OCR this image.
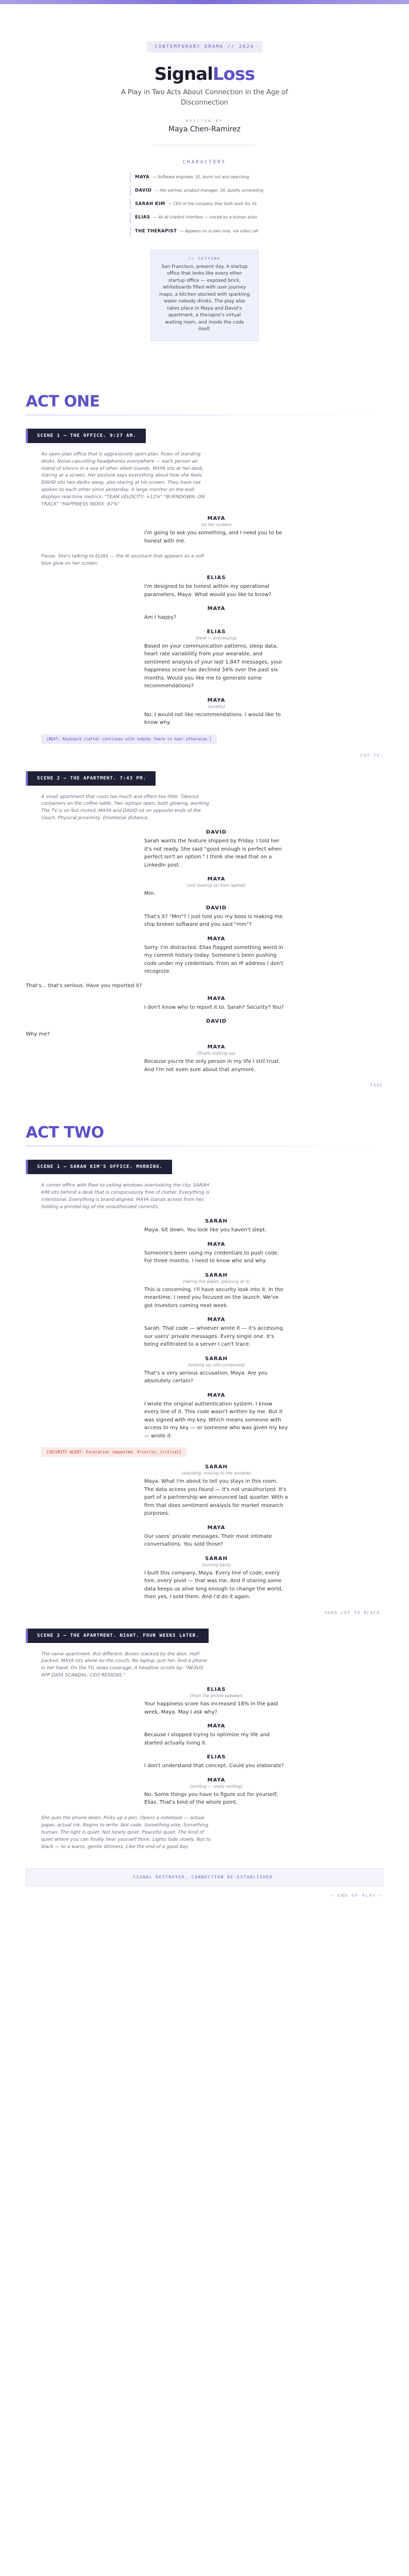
CONTEMPORARY DRAMA // 2024
SignalLoss
A Play in Two Acts About Connection in the Age of Disconnection
WRITTEN BY
Maya Chen-Ramirez
CHARACTERS
MAYA — Software engineer, 32, burnt out and searching
DAVID — Her partner, product manager, 34, quietly unravelling
SARAH KIM — CEO of the company they both work for, 41
ELIAS — An AI chatbot interface — voiced by a human actor
THE THERAPIST — Appears on screen only, via video call
// SETTING
San Francisco, present day. A startup office that looks like every other startup office — exposed brick, whiteboards filled with user journey maps, a kitchen stocked with sparkling water nobody drinks. The play also takes place in Maya and David's apartment, a therapist's virtual waiting room, and inside the code itself.
ACT ONE
SCENE 1 — THE OFFICE. 9:27 AM.

An open-plan office that is aggressively open-plan. Rows of standing desks. Noise-cancelling headphones everywhere — each person an island of silence in a sea of other silent islands. MAYA sits at her desk, staring at a screen. Her posture says everything about how she feels. DAVID sits two desks away, also staring at his screen. They have not spoken to each other since yesterday. A large monitor on the wall displays real-time metrics: "TEAM VELOCITY: +12%" "BURNDOWN: ON TRACK" "HAPPINESS INDEX: 87%"

MAYA
(to her screen)
I'm going to ask you something, and I need you to be honest with me.

Pause. She's talking to ELIAS — the AI assistant that appears as a soft blue glow on her screen.

ELIAS
I'm designed to be honest within my operational parameters, Maya. What would you like to know?
MAYA
Am I happy?
ELIAS
(beat — processing)
Based on your communication patterns, sleep data, heart rate variability from your wearable, and sentiment analysis of your last 1,847 messages, your happiness score has declined 34% over the past six months. Would you like me to generate some recommendations?
MAYA
(quietly)
No. I would not like recommendations. I would like to know why.
[BEAT: Keyboard clatter continues with nobody there to hear otherwise.]
CUT TO:
SCENE 2 — THE APARTMENT. 7:43 PM.

A small apartment that costs too much and offers too little. Takeout containers on the coffee table. Two laptops open, both glowing, working. The TV is on but muted. MAYA and DAVID sit on opposite ends of the couch. Physical proximity. Emotional distance.

DAVID
Sarah wants the feature shipped by Friday. I told her it's not ready. She said "good enough is perfect when perfect isn't an option." I think she read that on a LinkedIn post.
MAYA
(not looking up from laptop)
Mm.
DAVID
That's it? "Mm"? I just told you my boss is making me ship broken software and you said "mm"?
MAYA
Sorry. I'm distracted. Elias flagged something weird in my commit history today. Someone's been pushing code under my credentials. From an IP address I don't recognize.
That's... that's serious. Have you reported it?
MAYA
I don't know who to report it to. Sarah? Security? You?
DAVID
Why me?
MAYA
(finally looking up)
Because you're the only person in my life I still trust. And I'm not even sure about that anymore.
FADE
ACT TWO
SCENE 1 — SARAH KIM'S OFFICE. MORNING.

A corner office with floor-to-ceiling windows overlooking the city. SARAH KIM sits behind a desk that is conspicuously free of clutter. Everything is intentional. Everything is brand-aligned. MAYA stands across from her, holding a printed log of the unauthorized commits.

SARAH
Maya. Sit down. You look like you haven't slept.
MAYA
Someone's been using my credentials to push code. For three months. I need to know who and why.
SARAH
(taking the paper, glancing at it)
This is concerning. I'll have security look into it. In the meantime, I need you focused on the launch. We've got investors coming next week.
MAYA
Sarah. That code — whoever wrote it — it's accessing our users' private messages. Every single one. It's being exfiltrated to a server I can't trace.
SARAH
(looking up, still composed)
That's a very serious accusation, Maya. Are you absolutely certain?
MAYA
I wrote the original authentication system. I know every line of it. This code wasn't written by me. But it was signed with my key. Which means someone with access to my key — or someone who was given my key — wrote it.
[SECURITY ALERT: Escalation requested. Priority: Critical]
SARAH
(standing, moving to the window)
Maya. What I'm about to tell you stays in this room. The data access you found — it's not unauthorized. It's part of a partnership we announced last quarter. With a firm that does sentiment analysis for market research purposes.
MAYA
Our users' private messages. Their most intimate conversations. You sold those?
SARAH
(turning back)
I built this company, Maya. Every line of code, every hire, every pivot — that was me. And if sharing some data keeps us alive long enough to change the world, then yes, I sold them. And I'd do it again.
HARD CUT TO BLACK.
SCENE 2 — THE APARTMENT. NIGHT. FOUR WEEKS LATER.

The same apartment. But different. Boxes stacked by the door. Half-packed. MAYA sits alone on the couch. No laptop. Just her. And a phone in her hand. On the TV, news coverage. A headline scrolls by: "NEXUS APP DATA SCANDAL: CEO RESIGNS."

ELIAS
(from the phone speaker)
Your happiness score has increased 18% in the past week, Maya. May I ask why?
MAYA
Because I stopped trying to optimize my life and started actually living it.
ELIAS
I don't understand that concept. Could you elaborate?
MAYA
(smiling — really smiling)
No. Some things you have to figure out for yourself, Elias. That's kind of the whole point.

She puts the phone down. Picks up a pen. Opens a notebook — actual paper, actual ink. Begins to write. Not code. Something else. Something human. The light is quiet. Not lonely quiet. Peaceful quiet. The kind of quiet where you can finally hear yourself think. Lights fade slowly. Not to black — to a warm, gentle dimness. Like the end of a good day.

SIGNAL DESTROYED. CONNECTION RE-ESTABLISHED.
— END OF PLAY —
